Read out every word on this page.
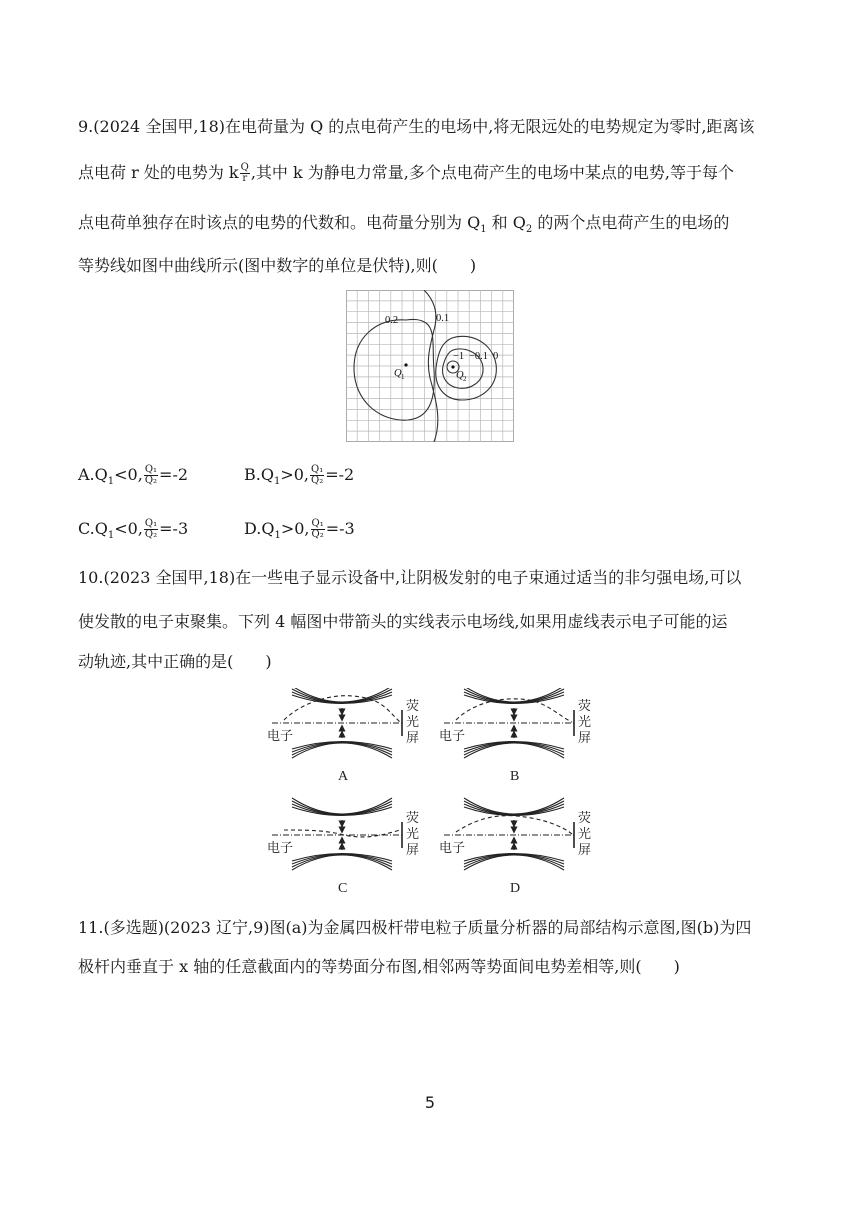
9.(2024 全国甲,18)在电荷量为 Q 的点电荷产生的电场中,将无限远处的电势规定为零时,距离该
点电荷 r 处的电势为 k $\frac{Q}{r}$ ,其中 k 为静电力常量,多个点电荷产生的电场中某点的电势,等于每个
点电荷单独存在时该点的电势的代数和。电荷量分别为 $Q_1$ 和 $Q_2$ 的两个点电荷产生的电场的
等势线如图中曲线所示(图中数字的单位是伏特),则(　　)
0.2	0.1
−1 −0.1 0
Q 1	Q 2
$A.Q_1<0$, $\frac{\text{Q₁}}{\text{Q₂}} =-2$	$B.Q_1>0$, $\frac{\text{Q₁}}{\text{Q₂}} =-2$
$C.Q_1<0$, $\frac{\text{Q₁}}{\text{Q₂}} =-3$	$D.Q_1>0$, $\frac{\text{Q₁}}{\text{Q₂}} =-3$
10.(2023 全国甲,18)在一些电子显示设备中,让阴极发射的电子束通过适当的非匀强电场,可以
使发散的电子束聚集。下列 4 幅图中带箭头的实线表示电场线,如果用虚线表示电子可能的运
动轨迹,其中正确的是(　　)
电子
荧
光
屏
A
电子
荧
光
屏
B
电子
荧
光
屏
C
电子
荧
光
屏
D
11.(多选题)(2023 辽宁,9)图(a)为金属四极杆带电粒子质量分析器的局部结构示意图,图(b)为四
极杆内垂直于 x 轴的任意截面内的等势面分布图,相邻两等势面间电势差相等,则(　　)
5
